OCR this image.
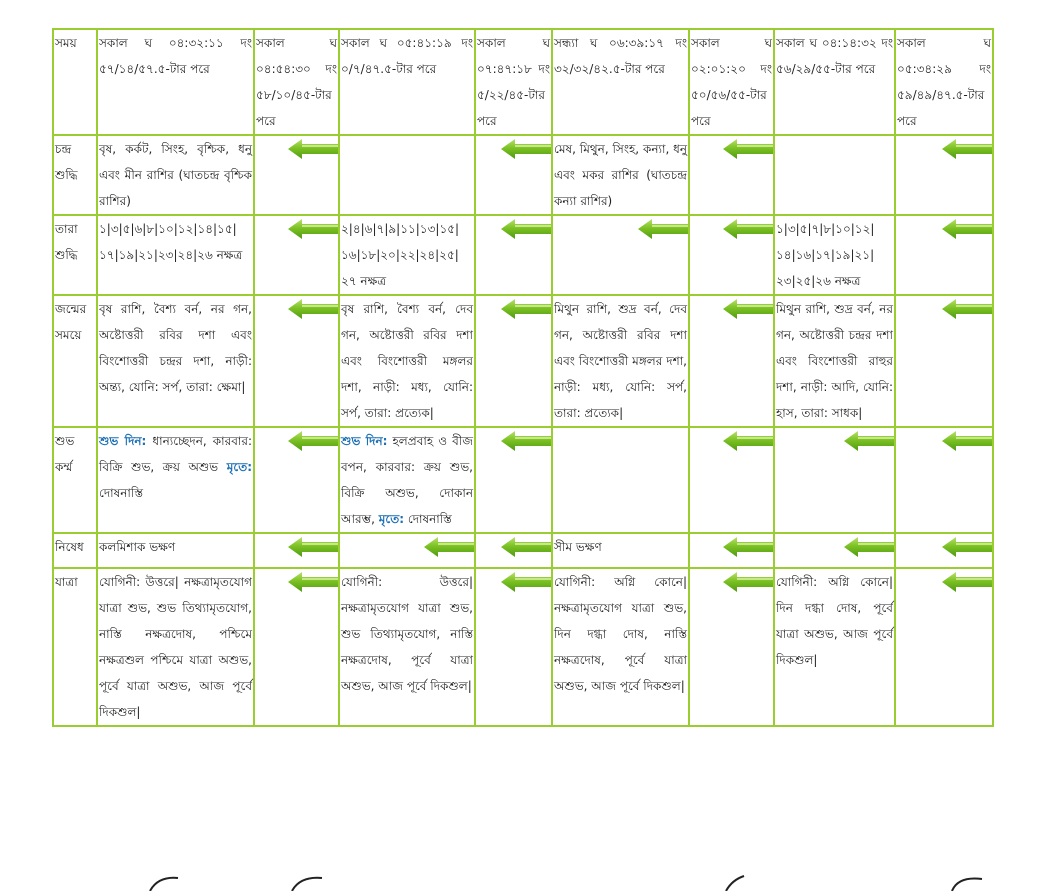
সময়	সকাল ঘ ০৪:৩২:১১ দং ৫৭/১৪/৫৭.৫-টার পরে	সকাল ঘ ০৪:৫৪:৩০ দং ৫৮/১০/৪৫-টার পরে	সকাল ঘ ০৫:৪১:১৯ দং ০/৭/৪৭.৫-টার পরে	সকাল ঘ ০৭:৪৭:১৮ দং ৫/২২/৪৫-টার পরে	সন্ধ্যা ঘ ০৬:৩৯:১৭ দং ৩২/৩২/৪২.৫-টার পরে	সকাল ঘ ০২:০১:২০ দং ৫০/৫৬/৫৫-টার পরে	সকাল ঘ ০৪:১৪:৩২ দং ৫৬/২৯/৫৫-টার পরে	সকাল ঘ ০৫:৩৪:২৯ দং ৫৯/৪৯/৪৭.৫-টার পরে
চন্দ্র শুদ্ধি	বৃষ, কর্কট, সিংহ, বৃশ্চিক, ধনু এবং মীন রাশির (ঘাতচন্দ্র বৃশ্চিক রাশির)				মেষ, মিথুন, সিংহ, কন্যা, ধনু এবং মকর রাশির (ঘাতচন্দ্র কন্যা রাশির)			
তারা শুদ্ধি	১|৩|৫|৬|৮|১০|১২|১৪|১৫| ১৭|১৯|২১|২৩|২৪|২৬ নক্ষত্র		২|৪|৬|৭|৯|১১|১৩|১৫| ১৬|১৮|২০|২২|২৪|২৫| ২৭ নক্ষত্র				১|৩|৫|৭|৮|১০|১২| ১৪|১৬|১৭|১৯|২১| ২৩|২৫|২৬ নক্ষত্র	
জন্মের সময়ে	বৃষ রাশি, বৈশ্য বর্ন, নর গন, অষ্টোত্তরী রবির দশা এবং বিংশোত্তরী চন্দ্রর দশা, নাড়ী: অন্ত্য, যোনি: সর্প, তারা: ক্ষেমা|		বৃষ রাশি, বৈশ্য বর্ন, দেব গন, অষ্টোত্তরী রবির দশা এবং বিংশোত্তরী মঙ্গলর দশা, নাড়ী: মধ্য, যোনি: সর্প, তারা: প্রত্যেক|		মিথুন রাশি, শুদ্র বর্ন, দেব গন, অষ্টোত্তরী রবির দশা এবং বিংশোত্তরী মঙ্গলর দশা, নাড়ী: মধ্য, যোনি: সর্প, তারা: প্রত্যেক|		মিথুন রাশি, শুদ্র বর্ন, নর গন, অষ্টোত্তরী চন্দ্রর দশা এবং বিংশোত্তরী রাহুর দশা, নাড়ী: আদি, যোনি: হাস, তারা: সাধক|	
শুভ কর্ম্ম	শুভ দিন: ধান্যচ্ছেদন, কারবার: বিক্রি শুভ, ক্রয় অশুভ মৃতে: দোষনাস্তি		শুভ দিন: হলপ্রবাহ ও বীজ বপন, কারবার: ক্রয় শুভ, বিক্রি অশুভ, দোকান আরম্ভ, মৃতে: দোষনাস্তি					
নিষেধ	কলমিশাক ভক্ষণ				সীম ভক্ষণ			
যাত্রা	যোগিনী: উত্তরে| নক্ষত্রামৃতযোগ যাত্রা শুভ, শুভ তিথ্যামৃতযোগ, নাস্তি নক্ষত্রদোষ, পশ্চিমে নক্ষত্রশুল পশ্চিমে যাত্রা অশুভ, পূর্বে যাত্রা অশুভ, আজ পূর্বে দিকশুল|		যোগিনী: উত্তরে| নক্ষত্রামৃতযোগ যাত্রা শুভ, শুভ তিথ্যামৃতযোগ, নাস্তি নক্ষত্রদোষ, পূর্বে যাত্রা অশুভ, আজ পূর্বে দিকশুল|		যোগিনী: অগ্নি কোনে| নক্ষত্রামৃতযোগ যাত্রা শুভ, দিন দগ্ধা দোষ, নাস্তি নক্ষত্রদোষ, পূর্বে যাত্রা অশুভ, আজ পূর্বে দিকশুল|		যোগিনী: অগ্নি কোনে| দিন দগ্ধা দোষ, পূর্বে যাত্রা অশুভ, আজ পূর্বে দিকশুল|	
